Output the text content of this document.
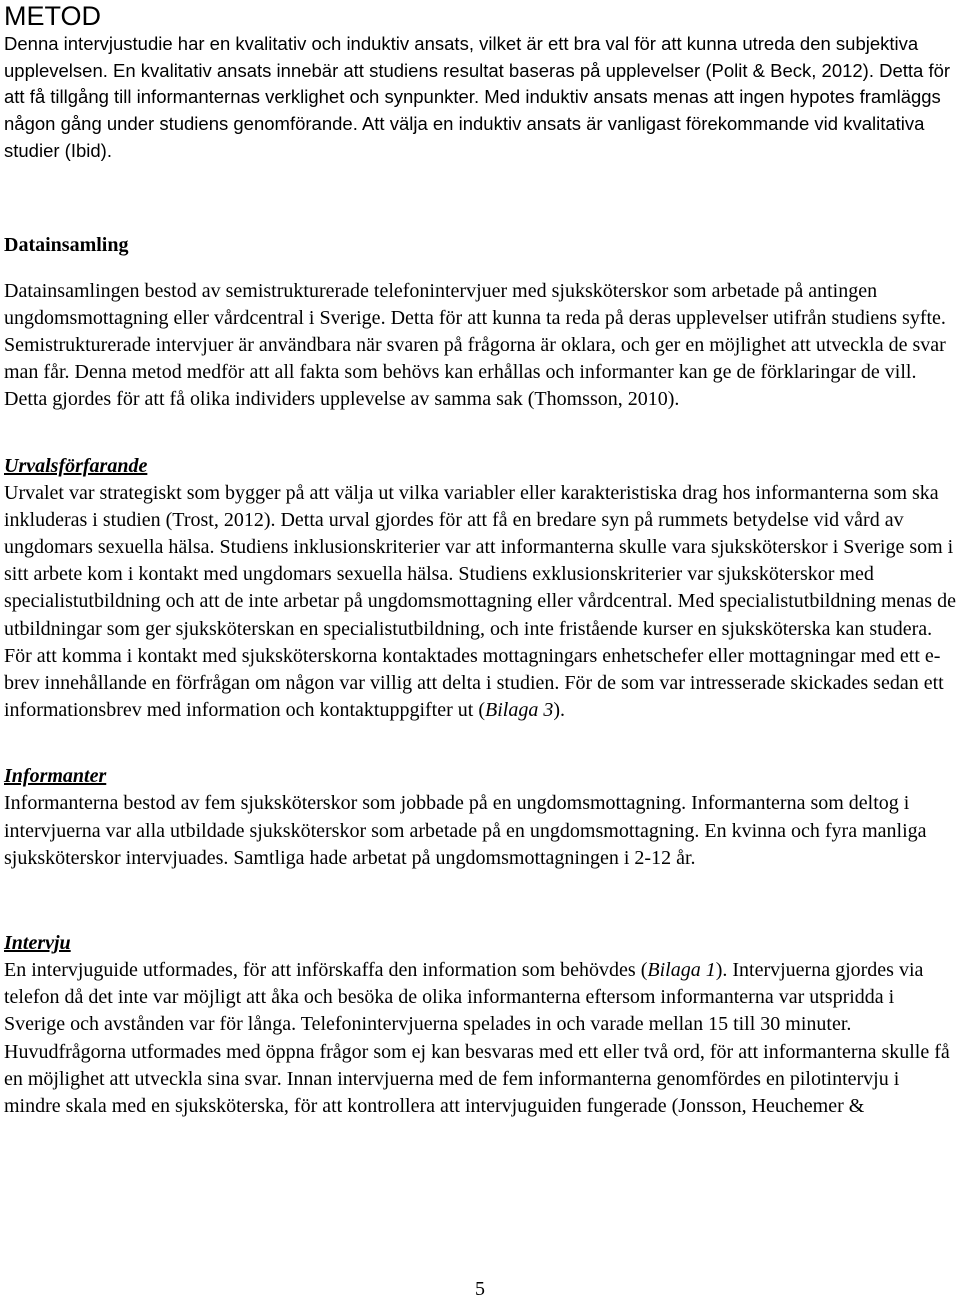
METOD

Denna intervjustudie har en kvalitativ och induktiv ansats, vilket är ett bra val för att kunna utreda den subjektiva upplevelsen. En kvalitativ ansats innebär att studiens resultat baseras på upplevelser (Polit & Beck, 2012). Detta för att få tillgång till informanternas verklighet och synpunkter. Med induktiv ansats menas att ingen hypotes framläggs någon gång under studiens genomförande. Att välja en induktiv ansats är vanligast förekommande vid kvalitativa studier (Ibid).

Datainsamling

Datainsamlingen bestod av semistrukturerade telefonintervjuer med sjuksköterskor som arbetade på antingen ungdomsmottagning eller vårdcentral i Sverige. Detta för att kunna ta reda på deras upplevelser utifrån studiens syfte. Semistrukturerade intervjuer är användbara när svaren på frågorna är oklara, och ger en möjlighet att utveckla de svar man får. Denna metod medför att all fakta som behövs kan erhållas och informanter kan ge de förklaringar de vill. Detta gjordes för att få olika individers upplevelse av samma sak (Thomsson, 2010).

Urvalsförfarande

Urvalet var strategiskt som bygger på att välja ut vilka variabler eller karakteristiska drag hos informanterna som ska inkluderas i studien (Trost, 2012). Detta urval gjordes för att få en bredare syn på rummets betydelse vid vård av ungdomars sexuella hälsa. Studiens inklusionskriterier var att informanterna skulle vara sjuksköterskor i Sverige som i sitt arbete kom i kontakt med ungdomars sexuella hälsa. Studiens exklusionskriterier var sjuksköterskor med specialistutbildning och att de inte arbetar på ungdomsmottagning eller vårdcentral. Med specialistutbildning menas de utbildningar som ger sjuksköterskan en specialistutbildning, och inte fristående kurser en sjuksköterska kan studera. För att komma i kontakt med sjuksköterskorna kontaktades mottagningars enhetschefer eller mottagningar med ett e-brev innehållande en förfrågan om någon var villig att delta i studien. För de som var intresserade skickades sedan ett informationsbrev med information och kontaktuppgifter ut (Bilaga 3).

Informanter

Informanterna bestod av fem sjuksköterskor som jobbade på en ungdomsmottagning. Informanterna som deltog i intervjuerna var alla utbildade sjuksköterskor som arbetade på en ungdomsmottagning. En kvinna och fyra manliga sjuksköterskor intervjuades. Samtliga hade arbetat på ungdomsmottagningen i 2-12 år.

Intervju

En intervjuguide utformades, för att införskaffa den information som behövdes (Bilaga 1). Intervjuerna gjordes via telefon då det inte var möjligt att åka och besöka de olika informanterna eftersom informanterna var utspridda i Sverige och avstånden var för långa. Telefonintervjuerna spelades in och varade mellan 15 till 30 minuter. Huvudfrågorna utformades med öppna frågor som ej kan besvaras med ett eller två ord, för att informanterna skulle få en möjlighet att utveckla sina svar. Innan intervjuerna med de fem informanterna genomfördes en pilotintervju i mindre skala med en sjuksköterska, för att kontrollera att intervjuguiden fungerade (Jonsson, Heuchemer &

5
